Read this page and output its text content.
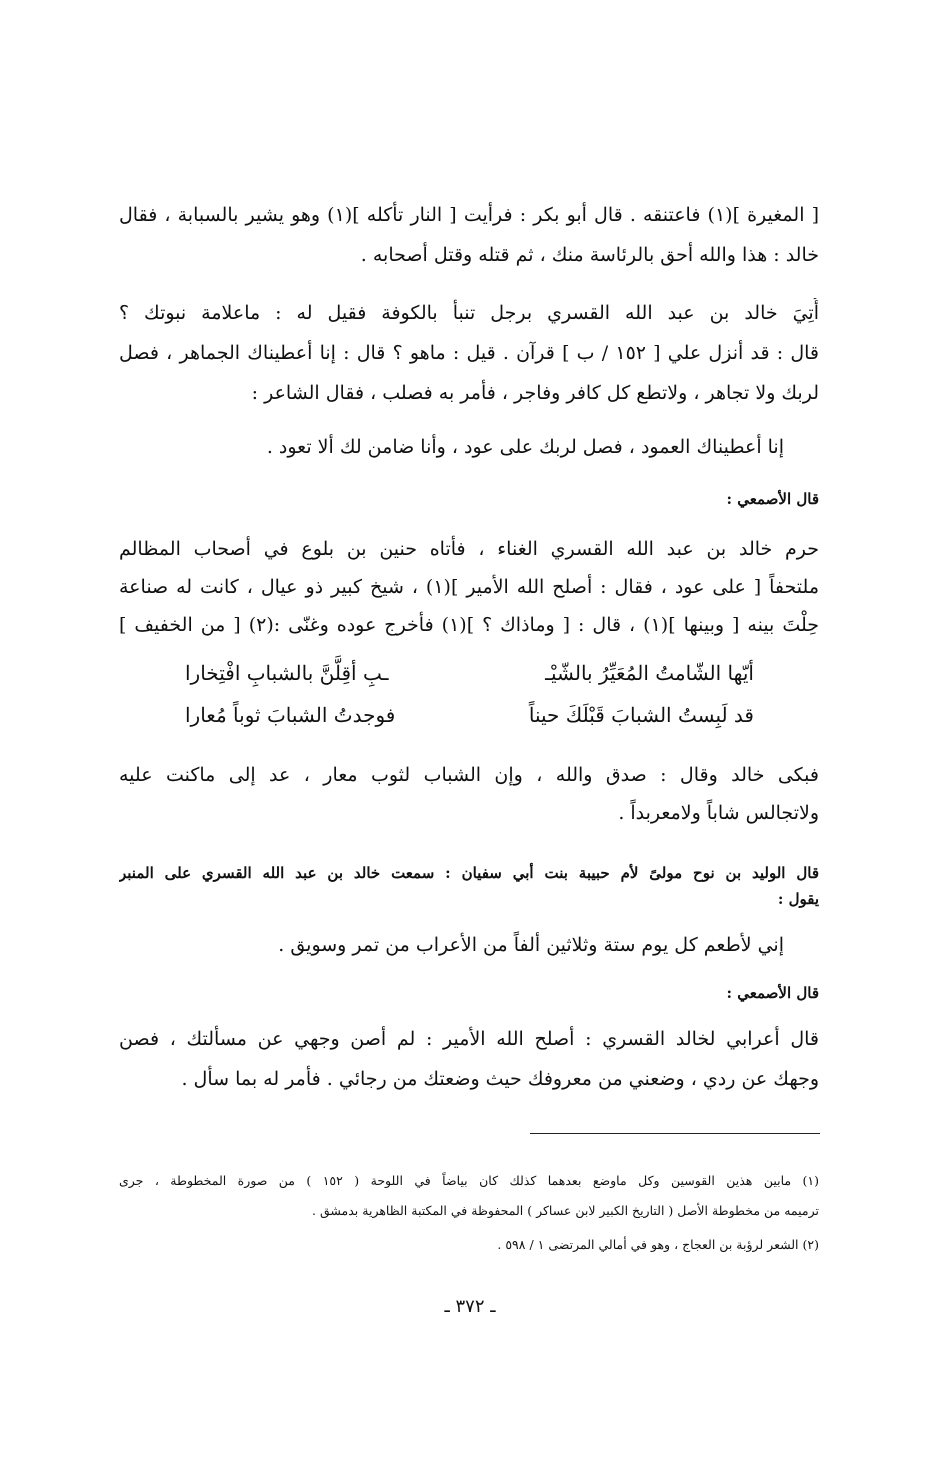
[ المغيرة ](١) فاعتنقه . قال أبو بكر : فرأيت [ النار تأكله ](١) وهو يشير بالسبابة ، فقال
خالد : هذا والله أحق بالرئاسة منك ، ثم قتله وقتل أصحابه .
أُتِيَ خالد بن عبد الله القسري برجل تنبأ بالكوفة فقيل له : ماعلامة نبوتك ؟
قال : قد أنزل علي [ ١٥٢ / ب ] قرآن . قيل : ماهو ؟ قال : إنا أعطيناك الجماهر ، فصل
لربك ولا تجاهر ، ولاتطع كل كافر وفاجر ، فأمر به فصلب ، فقال الشاعر :
إنا أعطيناك العمود ، فصل لربك على عود ، وأنا ضامن لك ألا تعود .
قال الأصمعي :
حرم خالد بن عبد الله القسري الغناء ، فأتاه حنين بن بلوع في أصحاب المظالم
ملتحفاً [ على عود ، فقال : أصلح الله الأمير ](١) ، شيخ كبير ذو عيال ، كانت له صناعة
حِلْتَ بينه [ وبينها ](١) ، قال : [ وماذاك ؟ ](١) فأخرج عوده وغنّى :(٢) [ من الخفيف ]
أيّها الشّامتُ المُعَيِّرُ بالشّيْـ
ـبِ أقِلَّنَّ بالشبابِ افْتِخارا
قد لَبِستُ الشبابَ قَبْلَكَ حيناً
فوجدتُ الشبابَ ثوباً مُعارا
فبكى خالد وقال : صدق والله ، وإن الشباب لثوب معار ، عد إلى ماكنت عليه
ولاتجالس شاباً ولامعربداً .
قال الوليد بن نوح مولىً لأم حبيبة بنت أبي سفيان : سمعت خالد بن عبد الله القسري على المنبر
يقول :
إني لأطعم كل يوم ستة وثلاثين ألفاً من الأعراب من تمر وسويق .
قال الأصمعي :
قال أعرابي لخالد القسري : أصلح الله الأمير : لم أصن وجهي عن مسألتك ، فصن
وجهك عن ردي ، وضعني من معروفك حيث وضعتك من رجائي . فأمر له بما سأل .
(١) مابين هذين القوسين وكل ماوضع بعدهما كذلك كان بياضاً في اللوحة ( ١٥٢ ) من صورة المخطوطة ، جرى
ترميمه من مخطوطة الأصل ( التاريخ الكبير لابن عساكر ) المحفوظة في المكتبة الظاهرية بدمشق .
(٢) الشعر لرؤبة بن العجاج ، وهو في أمالي المرتضى ١ / ٥٩٨ .
ـ ٣٧٢ ـ
